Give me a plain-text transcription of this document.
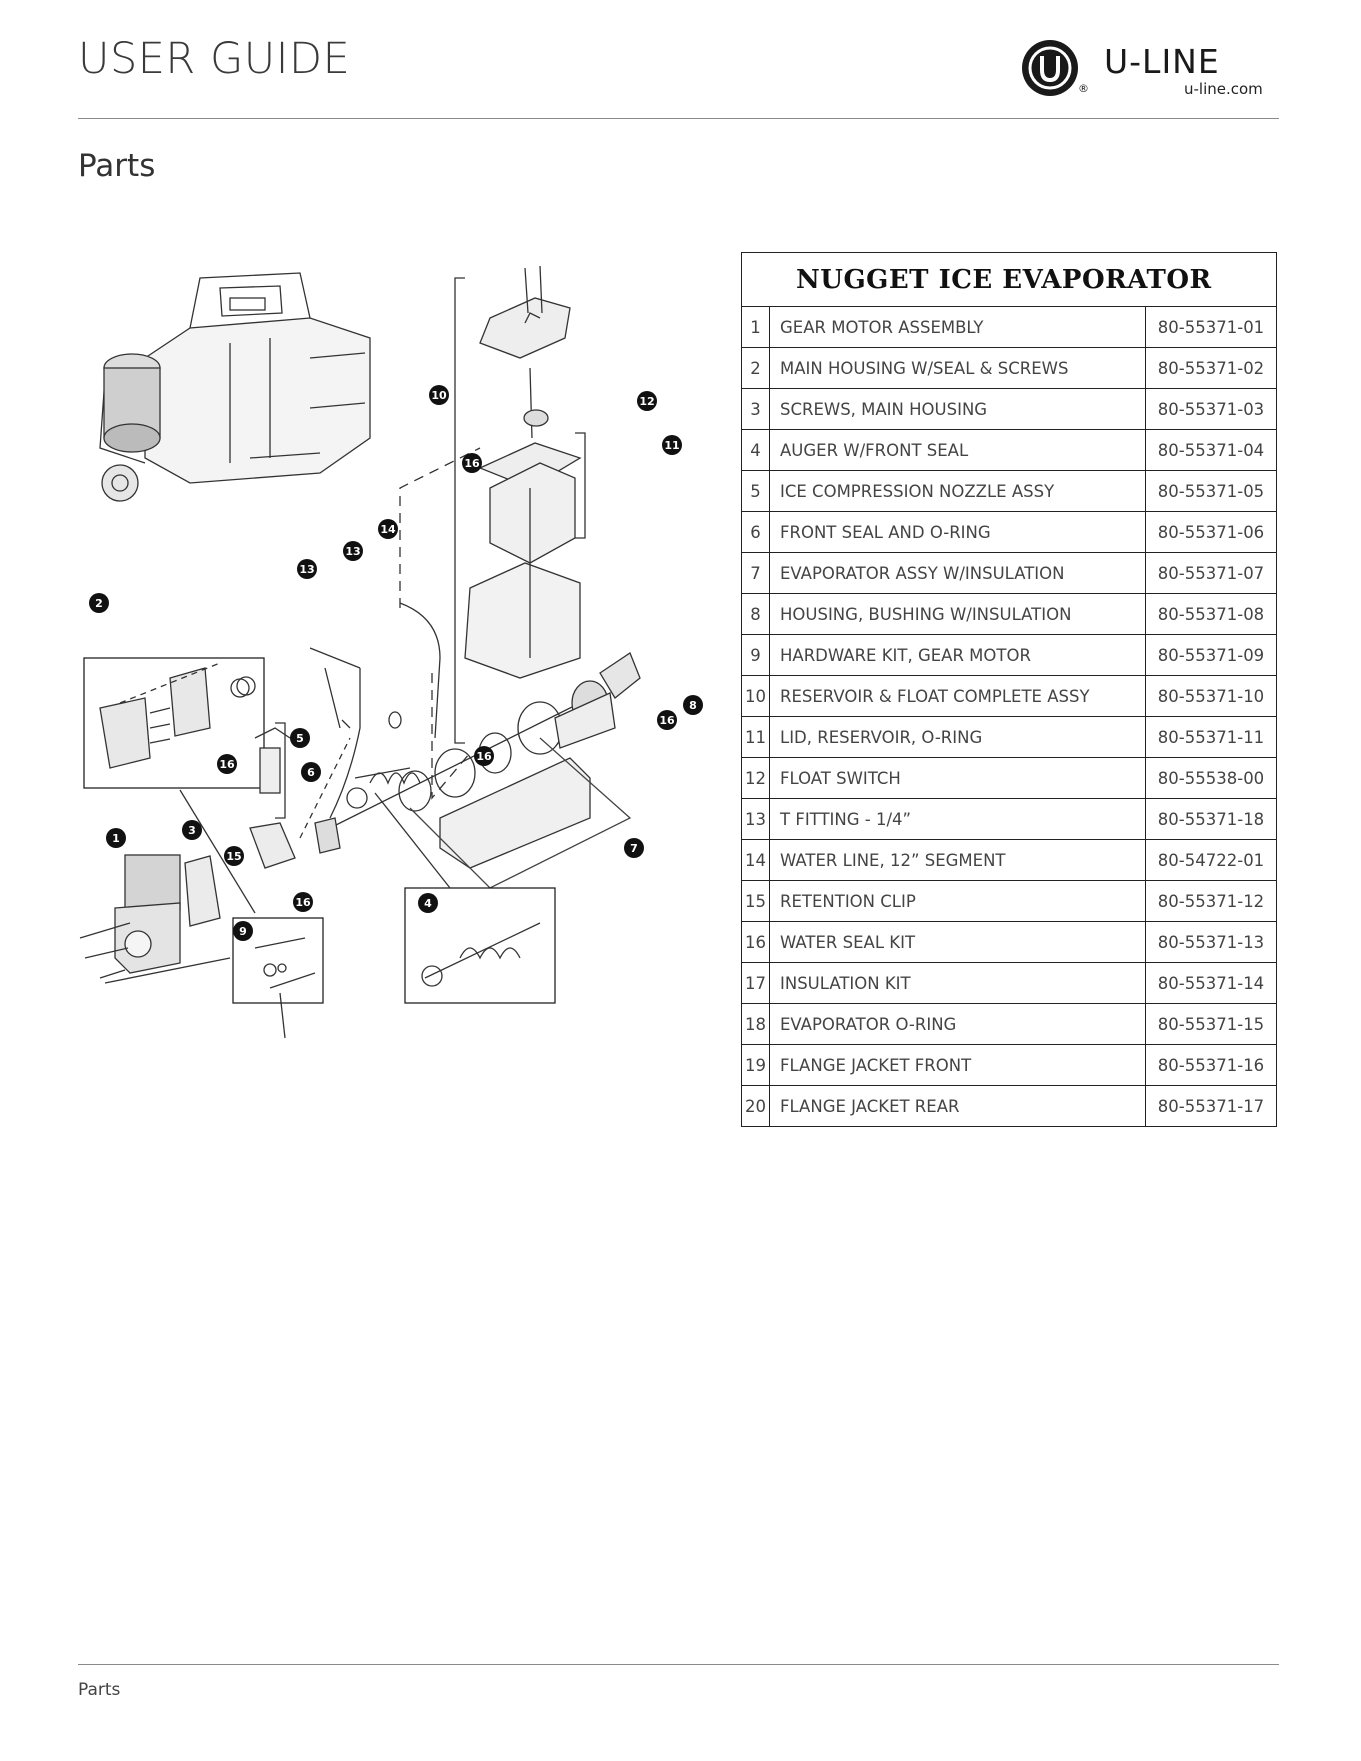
USER GUIDE
®
U-LINE
u-line.com
Parts
1
2
3
4
5
6
7
8
9
10
11
12
13
13
14
15
16
16
16
16
16
NUGGET ICE EVAPORATOR		
1	GEAR MOTOR ASSEMBLY	80-55371-01
2	MAIN HOUSING W/SEAL & SCREWS	80-55371-02
3	SCREWS, MAIN HOUSING	80-55371-03
4	AUGER W/FRONT SEAL	80-55371-04
5	ICE COMPRESSION NOZZLE ASSY	80-55371-05
6	FRONT SEAL AND O-RING	80-55371-06
7	EVAPORATOR ASSY W/INSULATION	80-55371-07
8	HOUSING, BUSHING W/INSULATION	80-55371-08
9	HARDWARE KIT, GEAR MOTOR	80-55371-09
10	RESERVOIR & FLOAT COMPLETE ASSY	80-55371-10
11	LID, RESERVOIR, O-RING	80-55371-11
12	FLOAT SWITCH	80-55538-00
13	T FITTING - 1/4”	80-55371-18
14	WATER LINE, 12” SEGMENT	80-54722-01
15	RETENTION CLIP	80-55371-12
16	WATER SEAL KIT	80-55371-13
17	INSULATION KIT	80-55371-14
18	EVAPORATOR O-RING	80-55371-15
19	FLANGE JACKET FRONT	80-55371-16
20	FLANGE JACKET REAR	80-55371-17
Parts
